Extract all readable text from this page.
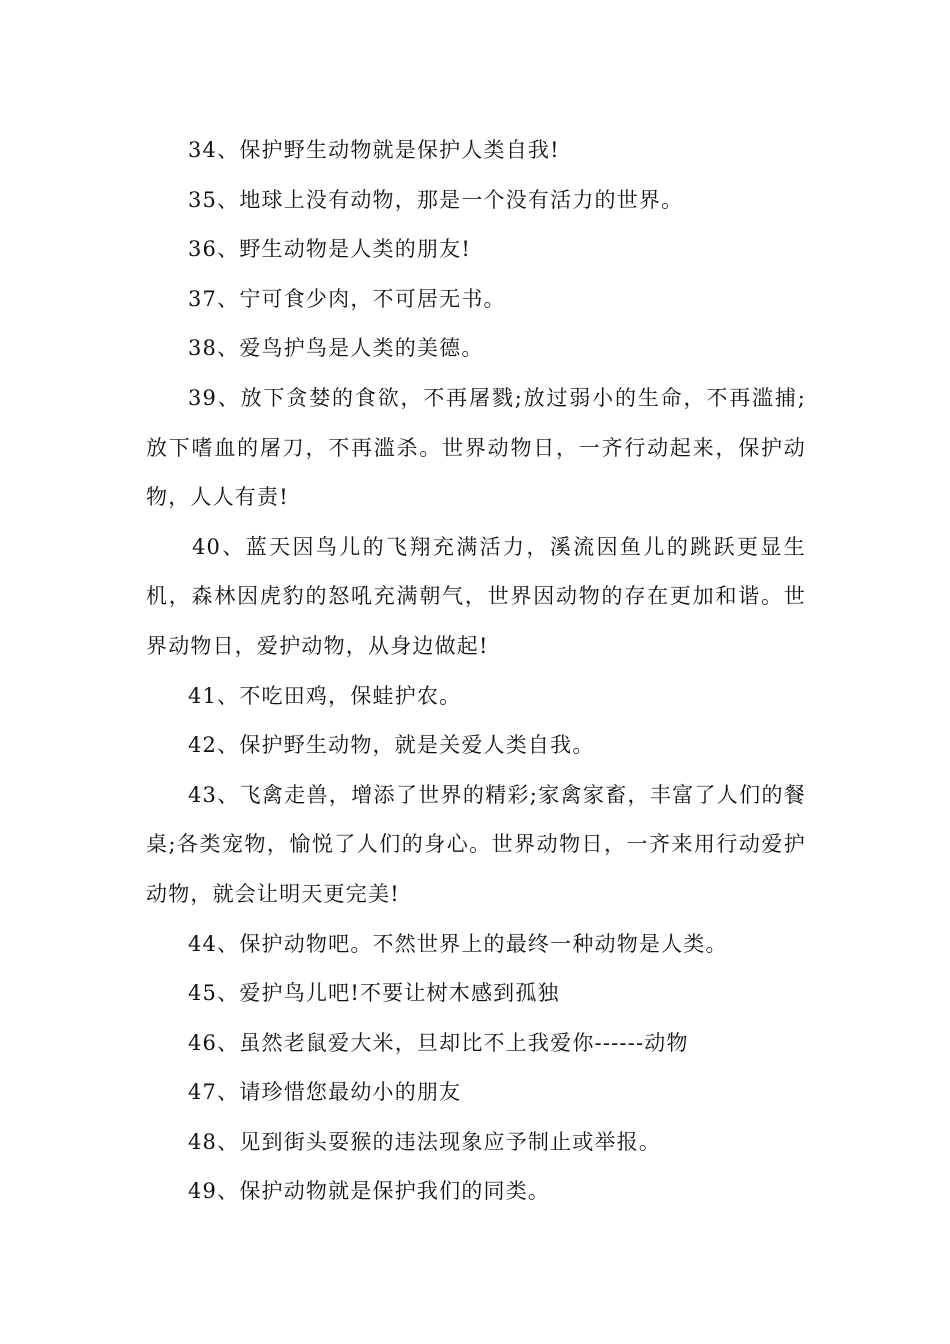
34、保护野生动物就是保护人类自我!

35、地球上没有动物，那是一个没有活力的世界。

36、野生动物是人类的朋友!

37、宁可食少肉，不可居无书。

38、爱鸟护鸟是人类的美德。

39、放下贪婪的食欲，不再屠戮;放过弱小的生命，不再滥捕;放下嗜血的屠刀，不再滥杀。世界动物日，一齐行动起来，保护动物，人人有责!

40、蓝天因鸟儿的飞翔充满活力，溪流因鱼儿的跳跃更显生机，森林因虎豹的怒吼充满朝气，世界因动物的存在更加和谐。世界动物日，爱护动物，从身边做起!

41、不吃田鸡，保蛙护农。

42、保护野生动物，就是关爱人类自我。

43、飞禽走兽，增添了世界的精彩;家禽家畜，丰富了人们的餐桌;各类宠物，愉悦了人们的身心。世界动物日，一齐来用行动爱护动物，就会让明天更完美!

44、保护动物吧。不然世界上的最终一种动物是人类。

45、爱护鸟儿吧!不要让树木感到孤独

46、虽然老鼠爱大米，旦却比不上我爱你------动物

47、请珍惜您最幼小的朋友

48、见到街头耍猴的违法现象应予制止或举报。

49、保护动物就是保护我们的同类。
